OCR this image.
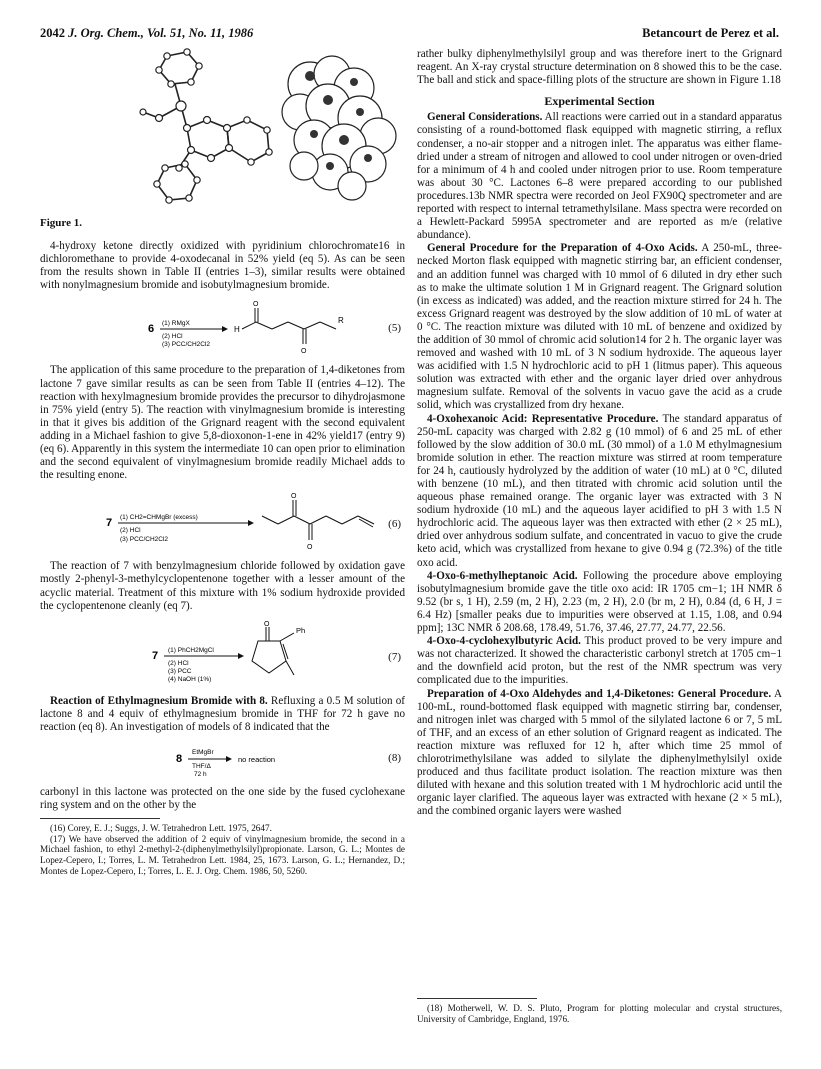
2042 J. Org. Chem., Vol. 51, No. 11, 1986	Betancourt de Perez et al.
Figure 1.

4-hydroxy ketone directly oxidized with pyridinium chlorochromate16 in dichloromethane to provide 4-oxodecanal in 52% yield (eq 5). As can be seen from the results shown in Table II (entries 1–3), similar results were obtained with nonylmagnesium bromide and isobutylmagnesium bromide.

6 (1) RMgX
(2) HCl
(3) PCC/CH2Cl2
H
O
O
R
(5)

The application of this same procedure to the preparation of 1,4-diketones from lactone 7 gave similar results as can be seen from Table II (entries 4–12). The reaction with hexylmagnesium bromide provides the precursor to dihydrojasmone in 75% yield (entry 5). The reaction with vinylmagnesium bromide is interesting in that it gives bis addition of the Grignard reagent with the second equivalent adding in a Michael fashion to give 5,8-dioxonon-1-ene in 42% yield17 (entry 9) (eq 6). Apparently in this system the intermediate 10 can open prior to elimination and the second equivalent of vinylmagnesium bromide readily Michael adds to the resulting enone.

7 (1) CH2=CHMgBr (excess)
(2) HCl
(3) PCC/CH2Cl2
O
O
(6)

The reaction of 7 with benzylmagnesium chloride followed by oxidation gave mostly 2-phenyl-3-methylcyclopentenone together with a lesser amount of the acyclic material. Treatment of this mixture with 1% sodium hydroxide provided the cyclopentenone cleanly (eq 7).

7 (1) PhCH2MgCl
(2) HCl
(3) PCC
(4) NaOH (1%)
O
Ph
(7)

Reaction of Ethylmagnesium Bromide with 8. Refluxing a 0.5 M solution of lactone 8 and 4 equiv of ethylmagnesium bromide in THF for 72 h gave no reaction (eq 8). An investigation of models of 8 indicated that the

8
EtMgBr
THF/Δ
72 h
no reaction	(8)

carbonyl in this lactone was protected on the one side by the fused cyclohexane ring system and on the other by the

(16) Corey, E. J.; Suggs, J. W. Tetrahedron Lett. 1975, 2647.

(17) We have observed the addition of 2 equiv of vinylmagnesium bromide, the second in a Michael fashion, to ethyl 2-methyl-2-(diphenylmethylsilyl)propionate. Larson, G. L.; Montes de Lopez-Cepero, I.; Torres, L. M. Tetrahedron Lett. 1984, 25, 1673. Larson, G. L.; Hernandez, D.; Montes de Lopez-Cepero, I.; Torres, L. E. J. Org. Chem. 1986, 50, 5260.

rather bulky diphenylmethylsilyl group and was therefore inert to the Grignard reagent. An X-ray crystal structure determination on 8 showed this to be the case. The ball and stick and space-filling plots of the structure are shown in Figure 1.18

Experimental Section

General Considerations. All reactions were carried out in a standard apparatus consisting of a round-bottomed flask equipped with magnetic stirring, a reflux condenser, a no-air stopper and a nitrogen inlet. The apparatus was either flame-dried under a stream of nitrogen and allowed to cool under nitrogen or oven-dried for a minimum of 4 h and cooled under nitrogen prior to use. Room temperature was about 30 °C. Lactones 6–8 were prepared according to our published procedures.13b NMR spectra were recorded on Jeol FX90Q spectrometer and are reported with respect to internal tetramethylsilane. Mass spectra were recorded on a Hewlett-Packard 5995A spectrometer and are reported as m/e (relative abundance).

General Procedure for the Preparation of 4-Oxo Acids. A 250-mL, three-necked Morton flask equipped with magnetic stirring bar, an efficient condenser, and an addition funnel was charged with 10 mmol of 6 diluted in dry ether such as to make the ultimate solution 1 M in Grignard reagent. The Grignard solution (in excess as indicated) was added, and the reaction mixture stirred for 24 h. The excess Grignard reagent was destroyed by the slow addition of 10 mL of water at 0 °C. The reaction mixture was diluted with 10 mL of benzene and oxidized by the addition of 30 mmol of chromic acid solution14 for 2 h. The organic layer was removed and washed with 10 mL of 3 N sodium hydroxide. The aqueous layer was acidified with 1.5 N hydrochloric acid to pH 1 (litmus paper). This aqueous solution was extracted with ether and the organic layer dried over anhydrous magnesium sulfate. Removal of the solvents in vacuo gave the acid as a crude solid, which was crystallized from dry hexane.

4-Oxohexanoic Acid: Representative Procedure. The standard apparatus of 250-mL capacity was charged with 2.82 g (10 mmol) of 6 and 25 mL of ether followed by the slow addition of 30.0 mL (30 mmol) of a 1.0 M ethylmagnesium bromide solution in ether. The reaction mixture was stirred at room temperature for 24 h, cautiously hydrolyzed by the addition of water (10 mL) at 0 °C, diluted with benzene (10 mL), and then titrated with chromic acid solution until the aqueous phase remained orange. The organic layer was extracted with 3 N sodium hydroxide (10 mL) and the aqueous layer acidified to pH 3 with 1.5 N hydrochloric acid. The aqueous layer was then extracted with ether (2 × 25 mL), dried over anhydrous sodium sulfate, and concentrated in vacuo to give the crude keto acid, which was crystallized from hexane to give 0.94 g (72.3%) of the title oxo acid.

4-Oxo-6-methylheptanoic Acid. Following the procedure above employing isobutylmagnesium bromide gave the title oxo acid: IR 1705 cm−1; 1H NMR δ 9.52 (br s, 1 H), 2.59 (m, 2 H), 2.23 (m, 2 H), 2.0 (br m, 2 H), 0.84 (d, 6 H, J = 6.4 Hz) [smaller peaks due to impurities were observed at 1.15, 1.08, and 0.94 ppm]; 13C NMR δ 208.68, 178.49, 51.76, 37.46, 27.77, 24.77, 22.56.

4-Oxo-4-cyclohexylbutyric Acid. This product proved to be very impure and was not characterized. It showed the characteristic carbonyl stretch at 1705 cm−1 and the downfield acid proton, but the rest of the NMR spectrum was very complicated due to the impurities.

Preparation of 4-Oxo Aldehydes and 1,4-Diketones: General Procedure. A 100-mL, round-bottomed flask equipped with magnetic stirring bar, condenser, and nitrogen inlet was charged with 5 mmol of the silylated lactone 6 or 7, 5 mL of THF, and an excess of an ether solution of Grignard reagent as indicated. The reaction mixture was refluxed for 12 h, after which time 25 mmol of chlorotrimethylsilane was added to silylate the diphenylmethylsilyl oxide produced and thus facilitate product isolation. The reaction mixture was then diluted with hexane and this solution treated with 1 M hydrochloric acid until the organic layer clarified. The aqueous layer was extracted with hexane (2 × 5 mL), and the combined organic layers were washed

(18) Motherwell, W. D. S. Pluto, Program for plotting molecular and crystal structures, University of Cambridge, England, 1976.
